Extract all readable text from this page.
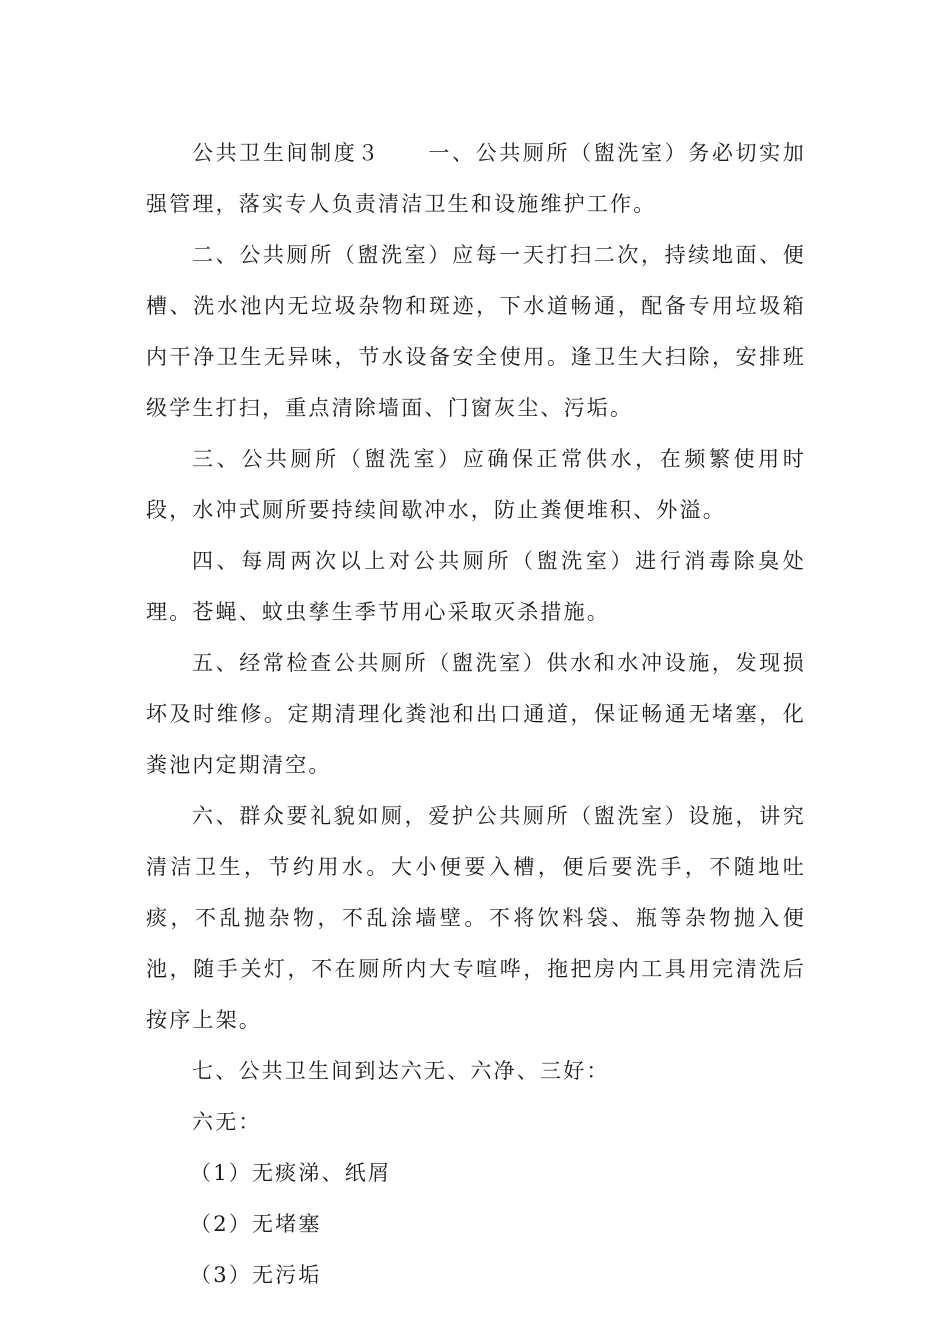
公共卫生间制度３　　一、公共厕所（盥洗室）务必切实加强管理，落实专人负责清洁卫生和设施维护工作。

二、公共厕所（盥洗室）应每一天打扫二次，持续地面、便槽、洗水池内无垃圾杂物和斑迹，下水道畅通，配备专用垃圾箱内干净卫生无异味，节水设备安全使用。逢卫生大扫除，安排班级学生打扫，重点清除墙面、门窗灰尘、污垢。

三、公共厕所（盥洗室）应确保正常供水，在频繁使用时段，水冲式厕所要持续间歇冲水，防止粪便堆积、外溢。

四、每周两次以上对公共厕所（盥洗室）进行消毒除臭处理。苍蝇、蚊虫孳生季节用心采取灭杀措施。

五、经常检查公共厕所（盥洗室）供水和水冲设施，发现损坏及时维修。定期清理化粪池和出口通道，保证畅通无堵塞，化粪池内定期清空。

六、群众要礼貌如厕，爱护公共厕所（盥洗室）设施，讲究清洁卫生，节约用水。大小便要入槽，便后要洗手，不随地吐痰，不乱抛杂物，不乱涂墙壁。不将饮料袋、瓶等杂物抛入便池，随手关灯，不在厕所内大专喧哗，拖把房内工具用完清洗后按序上架。

七、公共卫生间到达六无、六净、三好：

六无：

（1）无痰涕、纸屑

（2）无堵塞

（3）无污垢
